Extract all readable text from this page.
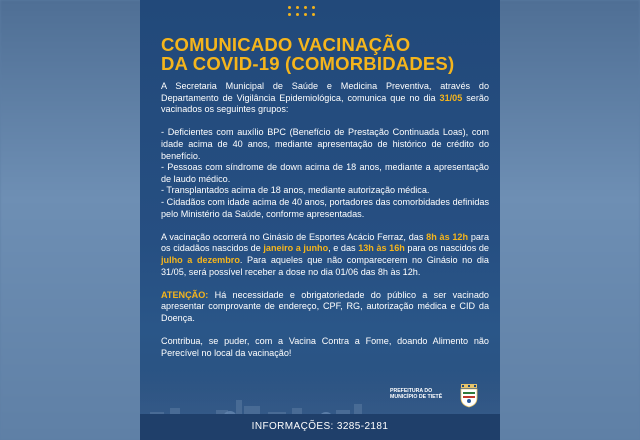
COMUNICADO VACINAÇÃO
DA COVID-19 (COMORBIDADES)

A Secretaria Municipal de Saúde e Medicina Preventiva, através do Departamento de Vigilância Epidemiológica, comunica que no dia 31/05 serão vacinados os seguintes grupos:

- Deficientes com auxílio BPC (Benefício de Prestação Continuada Loas), com idade acima de 40 anos, mediante apresentação de histórico de crédito do benefício.

- Pessoas com síndrome de down acima de 18 anos, mediante a apresentação de laudo médico.

- Transplantados acima de 18 anos, mediante autorização médica.

- Cidadãos com idade acima de 40 anos, portadores das comorbidades definidas pelo Ministério da Saúde, conforme apresentadas.

A vacinação ocorrerá no Ginásio de Esportes Acácio Ferraz, das 8h às 12h para os cidadãos nascidos de janeiro a junho, e das 13h às 16h para os nascidos de julho a dezembro. Para aqueles que não comparecerem no Ginásio no dia 31/05, será possível receber a dose no dia 01/06 das 8h às 12h.

ATENÇÃO: Há necessidade e obrigatoriedade do público a ser vacinado apresentar comprovante de endereço, CPF, RG, autorização médica e CID da Doença.

Contribua, se puder, com a Vacina Contra a Fome, doando Alimento não Perecível no local da vacinação!

PREFEITURA DO
MUNICÍPIO DE TIETÊ
INFORMAÇÕES: 3285-2181
